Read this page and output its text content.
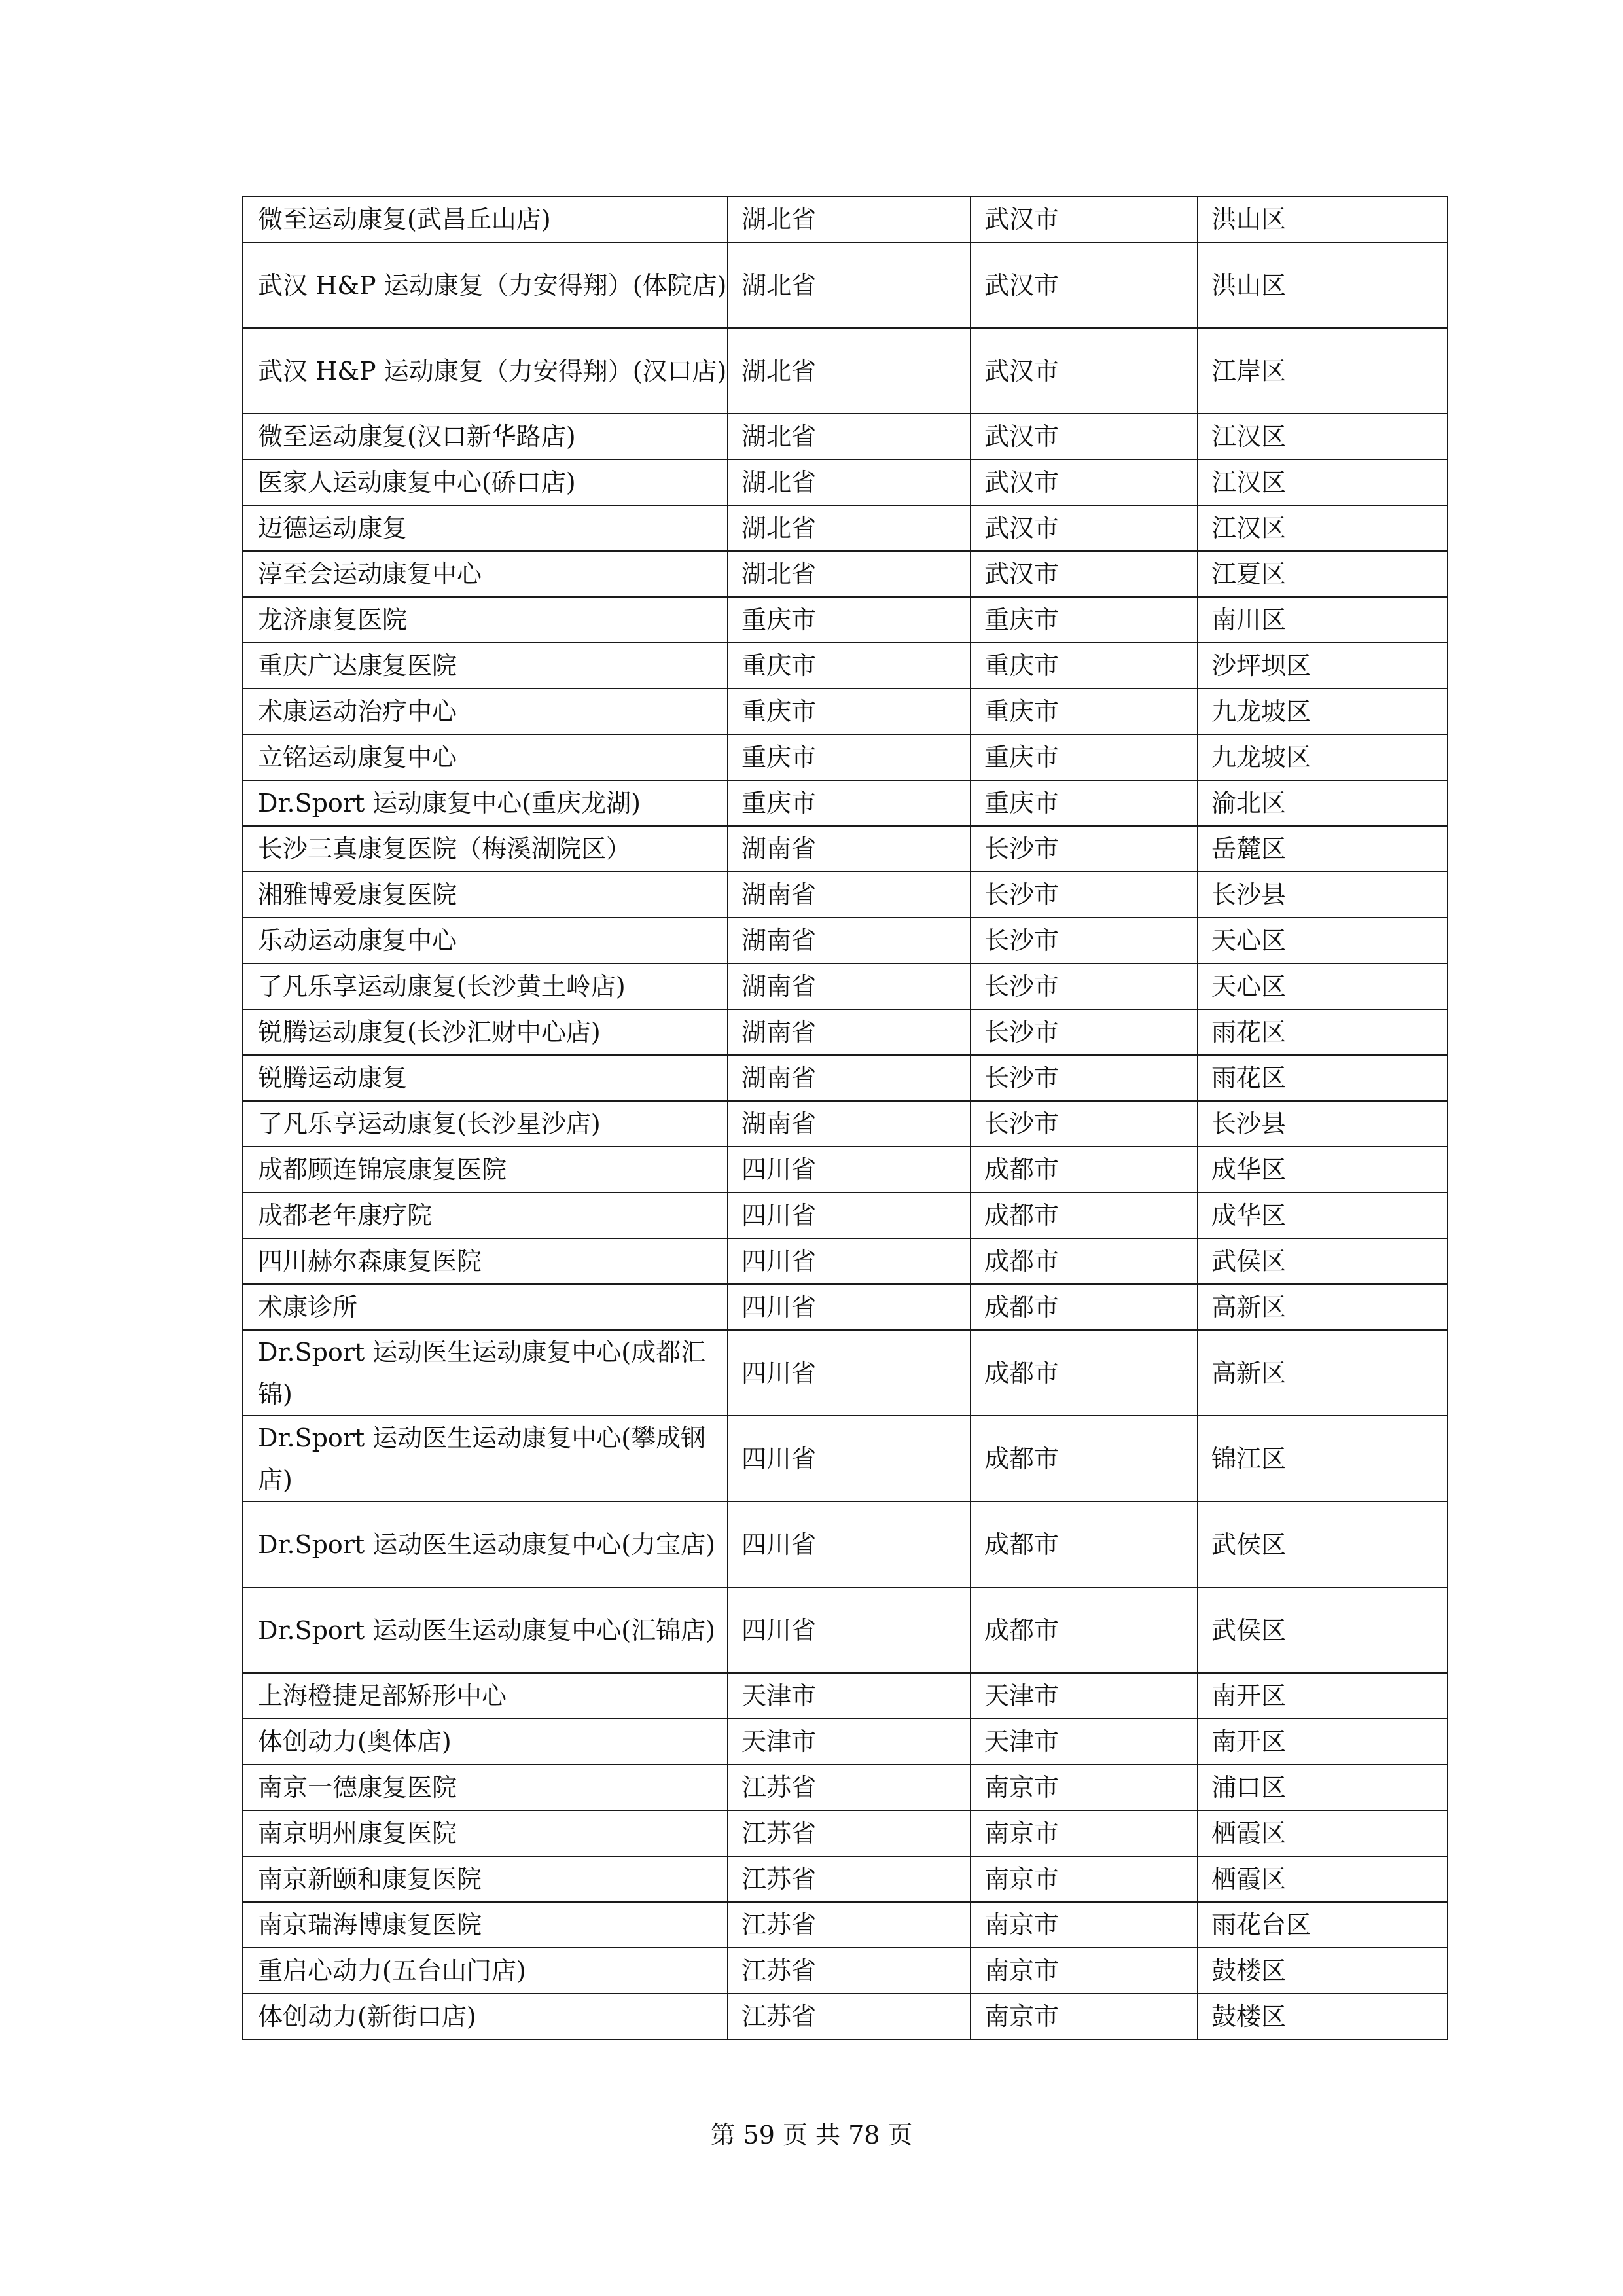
微至运动康复(武昌丘山店)	湖北省	武汉市	洪山区
武汉 H&P 运动康复（力安得翔）(体院店)	湖北省	武汉市	洪山区
武汉 H&P 运动康复（力安得翔）(汉口店)	湖北省	武汉市	江岸区
微至运动康复(汉口新华路店)	湖北省	武汉市	江汉区
医家人运动康复中心(硚口店)	湖北省	武汉市	江汉区
迈德运动康复	湖北省	武汉市	江汉区
淳至会运动康复中心	湖北省	武汉市	江夏区
龙济康复医院	重庆市	重庆市	南川区
重庆广达康复医院	重庆市	重庆市	沙坪坝区
术康运动治疗中心	重庆市	重庆市	九龙坡区
立铭运动康复中心	重庆市	重庆市	九龙坡区
Dr.Sport 运动康复中心(重庆龙湖)	重庆市	重庆市	渝北区
长沙三真康复医院（梅溪湖院区）	湖南省	长沙市	岳麓区
湘雅博爱康复医院	湖南省	长沙市	长沙县
乐动运动康复中心	湖南省	长沙市	天心区
了凡乐享运动康复(长沙黄土岭店)	湖南省	长沙市	天心区
锐腾运动康复(长沙汇财中心店)	湖南省	长沙市	雨花区
锐腾运动康复	湖南省	长沙市	雨花区
了凡乐享运动康复(长沙星沙店)	湖南省	长沙市	长沙县
成都顾连锦宸康复医院	四川省	成都市	成华区
成都老年康疗院	四川省	成都市	成华区
四川赫尔森康复医院	四川省	成都市	武侯区
术康诊所	四川省	成都市	高新区
Dr.Sport 运动医生运动康复中心(成都汇锦)	四川省	成都市	高新区
Dr.Sport 运动医生运动康复中心(攀成钢店)	四川省	成都市	锦江区
Dr.Sport 运动医生运动康复中心(力宝店)	四川省	成都市	武侯区
Dr.Sport 运动医生运动康复中心(汇锦店)	四川省	成都市	武侯区
上海橙捷足部矫形中心	天津市	天津市	南开区
体创动力(奥体店)	天津市	天津市	南开区
南京一德康复医院	江苏省	南京市	浦口区
南京明州康复医院	江苏省	南京市	栖霞区
南京新颐和康复医院	江苏省	南京市	栖霞区
南京瑞海博康复医院	江苏省	南京市	雨花台区
重启心动力(五台山门店)	江苏省	南京市	鼓楼区
体创动力(新街口店)	江苏省	南京市	鼓楼区
第 59 页 共 78 页
